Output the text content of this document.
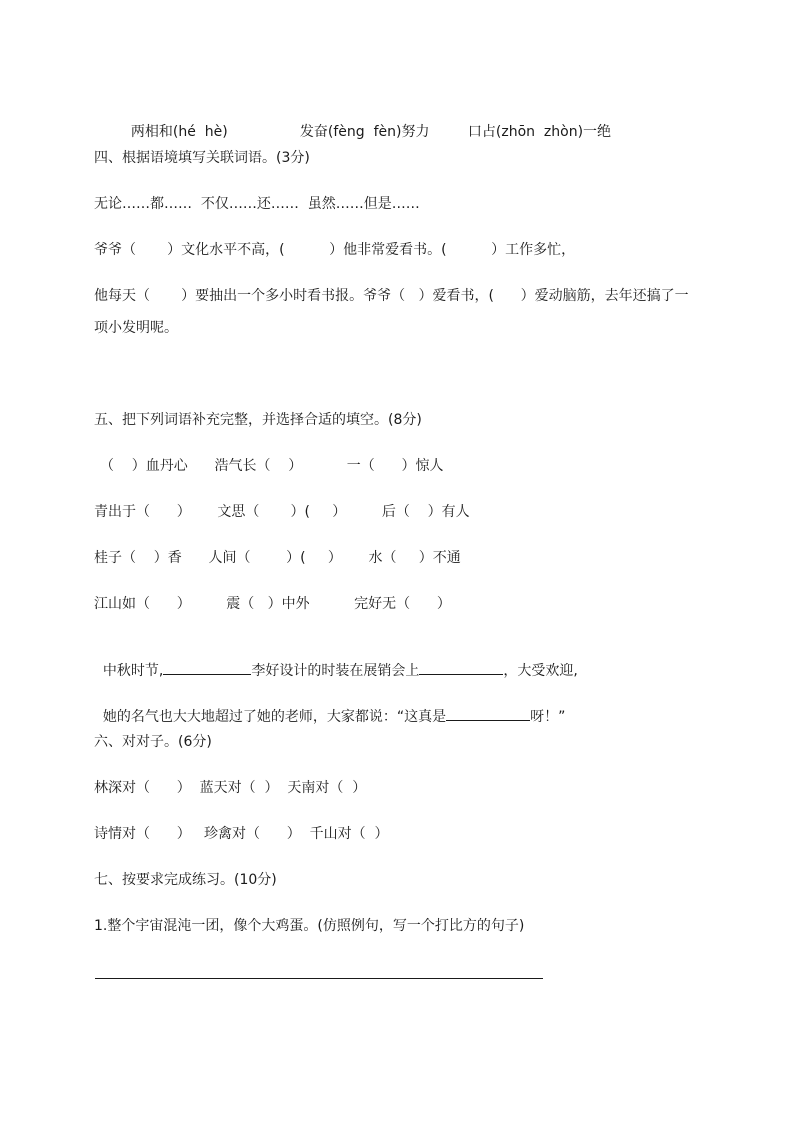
两相和(hé  hè)	发奋(fèng  fèn)努力	口占(zhōn  zhòn)一绝

四、根据语境填写关联词语。(3分)
无论……都……  不仅……还……  虽然……但是……
爷爷（       ）文化水平不高，(          ）他非常爱看书。(          ）工作多忙，
他每天（       ）要抽出一个多小时看书报。爷爷（   ）爱看书，(      ）爱动脑筋，去年还搞了一
项小发明呢。
五、把下列词语补充完整，并选择合适的填空。(8分)
（    ）血丹心      浩气长（    ）          一（      ）惊人
青出于（      ）      文思（       ）(     ）        后（    ）有人
桂子（    ）香      人间（        ）(     ）      水（     ）不通
江山如（      ）        震（   ）中外          完好无（      ）

中秋时节,	李好设计的时装在展销会上	，大受欢迎,

她的名气也大大地超过了她的老师，大家都说：“这真是	呀！”

六、对对子。(6分)
林深对（      ）  蓝天对（  ）  天南对（  ）
诗情对（      ）   珍禽对（      ）  千山对（  ）
七、按要求完成练习。(10分)
1.整个宇宙混沌一团，像个大鸡蛋。(仿照例句，写一个打比方的句子)
